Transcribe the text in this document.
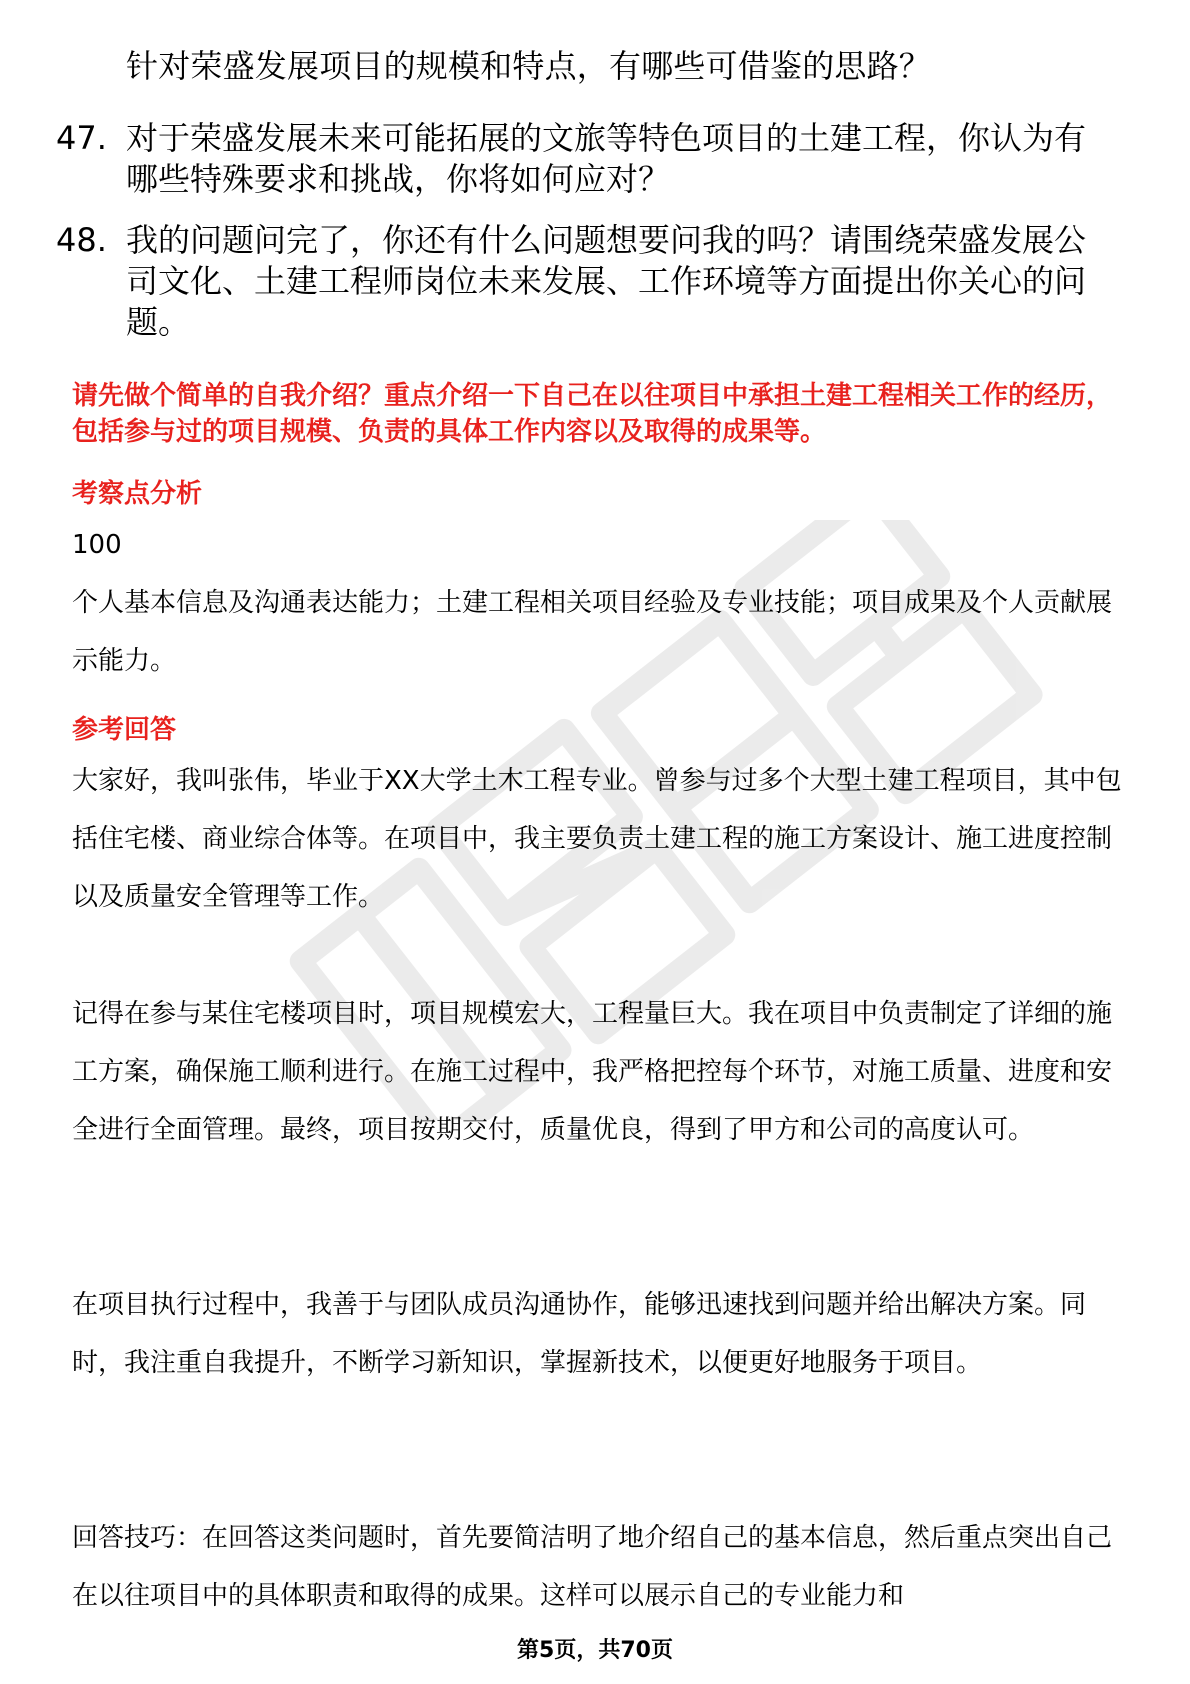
针对荣盛发展项目的规模和特点，有哪些可借鉴的思路？
47. 对于荣盛发展未来可能拓展的文旅等特色项目的土建工程，你认为有哪些特殊要求和挑战，你将如何应对？
48. 我的问题问完了，你还有什么问题想要问我的吗？请围绕荣盛发展公司文化、土建工程师岗位未来发展、工作环境等方面提出你关心的问题。
请先做个简单的自我介绍？重点介绍一下自己在以往项目中承担土建工程相关工作的经历，包括参与过的项目规模、负责的具体工作内容以及取得的成果等。
考察点分析
100
个人基本信息及沟通表达能力；土建工程相关项目经验及专业技能；项目成果及个人贡献展示能力。
参考回答
大家好，我叫张伟，毕业于XX大学土木工程专业。曾参与过多个大型土建工程项目，其中包括住宅楼、商业综合体等。在项目中，我主要负责土建工程的施工方案设计、施工进度控制以及质量安全管理等工作。
记得在参与某住宅楼项目时，项目规模宏大，工程量巨大。我在项目中负责制定了详细的施工方案，确保施工顺利进行。在施工过程中，我严格把控每个环节，对施工质量、进度和安全进行全面管理。最终，项目按期交付，质量优良，得到了甲方和公司的高度认可。
在项目执行过程中，我善于与团队成员沟通协作，能够迅速找到问题并给出解决方案。同时，我注重自我提升，不断学习新知识，掌握新技术，以便更好地服务于项目。
回答技巧：在回答这类问题时，首先要简洁明了地介绍自己的基本信息，然后重点突出自己在以往项目中的具体职责和取得的成果。这样可以展示自己的专业能力和
第5页，共70页
